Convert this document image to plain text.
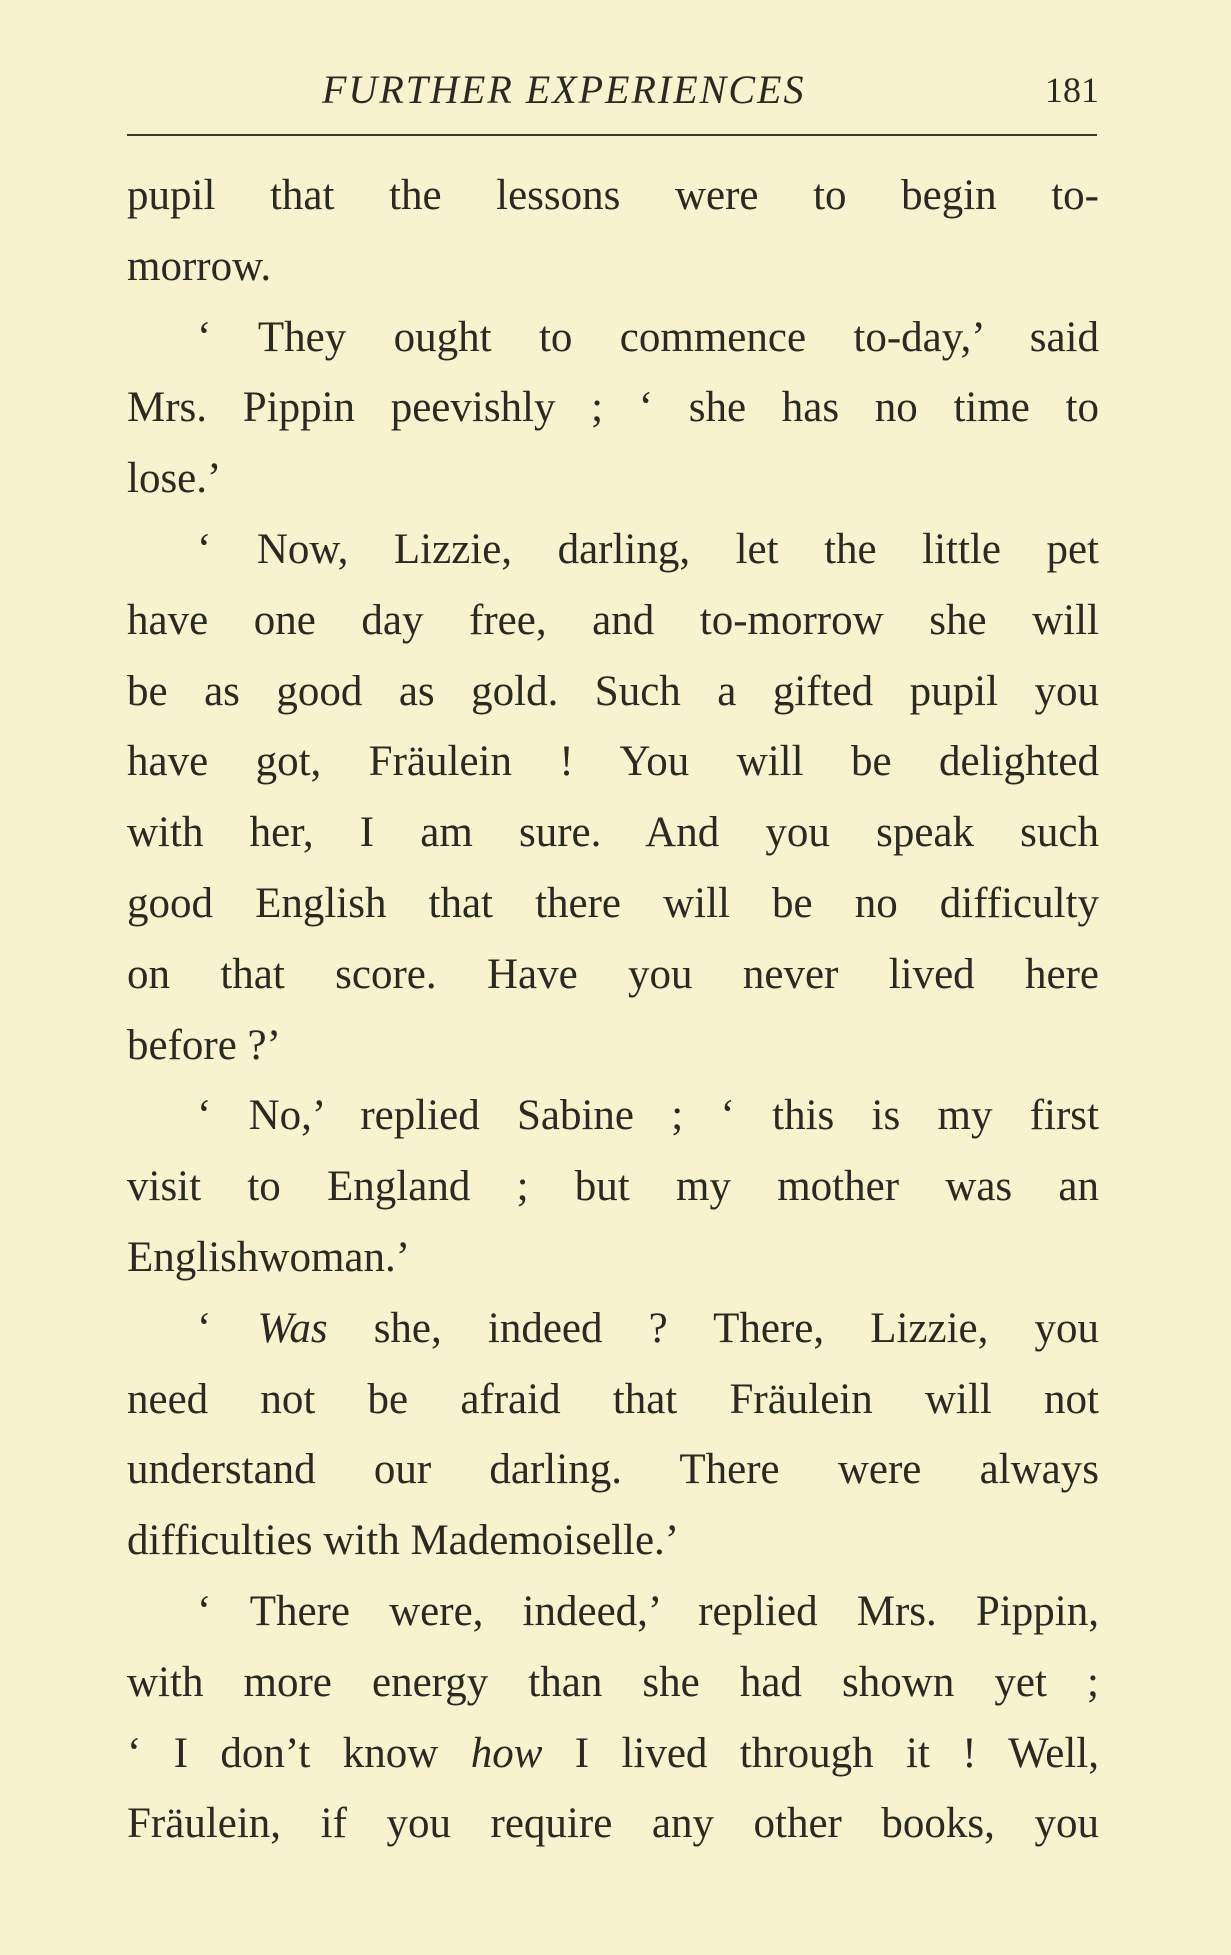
FURTHER EXPERIENCES	181
pupil that the lessons were to begin to-
morrow.
‘ They ought to commence to-day,’ said
Mrs. Pippin peevishly ; ‘ she has no time to
lose.’
‘ Now, Lizzie, darling, let the little pet
have one day free, and to-morrow she will
be as good as gold. Such a gifted pupil you
have got, Fräulein ! You will be delighted
with her, I am sure. And you speak such
good English that there will be no difficulty
on that score. Have you never lived here
before ?’
‘ No,’ replied Sabine ; ‘ this is my first
visit to England ; but my mother was an
Englishwoman.’
‘ Was she, indeed ? There, Lizzie, you
need not be afraid that Fräulein will not
understand our darling. There were always
difficulties with Mademoiselle.’
‘ There were, indeed,’ replied Mrs. Pippin,
with more energy than she had shown yet ;
‘ I don’t know how I lived through it ! Well,
Fräulein, if you require any other books, you
